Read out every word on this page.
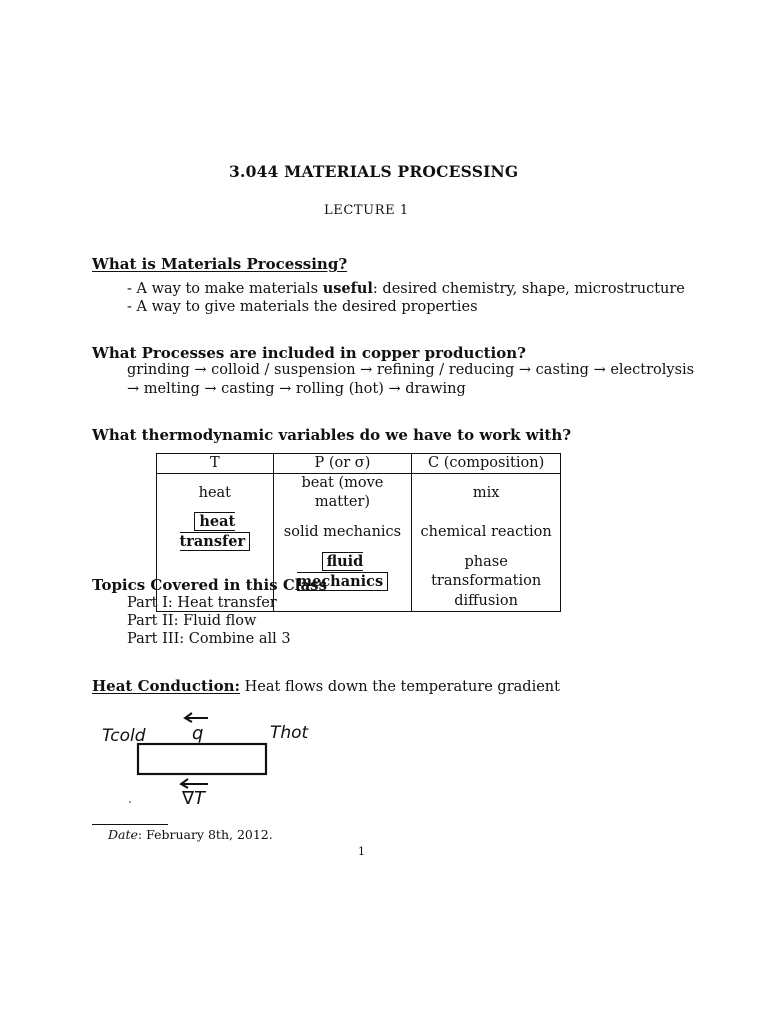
3.044 MATERIALS PROCESSING
LECTURE 1
What is Materials Processing?
- A way to make materials useful: desired chemistry, shape, microstructure
- A way to give materials the desired properties
What Processes are included in copper production?
grinding → colloid / suspension → refining / reducing → casting → electrolysis
→ melting → casting → rolling (hot) → drawing
What thermodynamic variables do we have to work with?
T	P (or σ)	C (composition)
heat	beat (move matter)	mix
heat transfer	solid mechanics	chemical reaction
	fluid mechanics	phase transformation
		diffusion
Topics Covered in this Class
Part I: Heat transfer
Part II: Fluid flow
Part III: Combine all 3
Heat Conduction: Heat flows down the temperature gradient
Tcold	q	Thot
∇T
Date: February 8th, 2012.
1
